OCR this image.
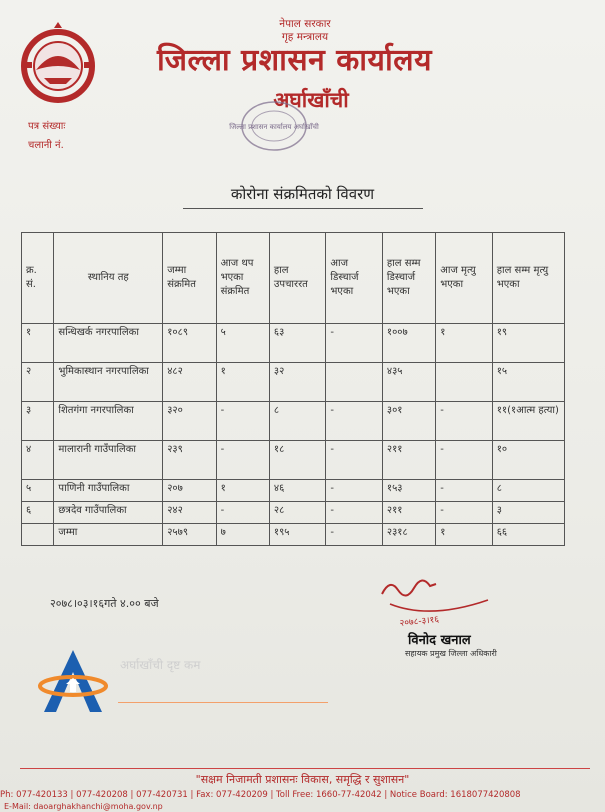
नेपाल सरकार
गृह मन्त्रालय
जिल्ला प्रशासन कार्यालय
अर्घाखाँची
जिल्ला प्रशासन कार्यालय अर्घाखाँची
पत्र संख्याः
चलानी नं.
कोरोना संक्रमितको विवरण
क्र. सं.	स्थानिय तह	जम्मा संक्रमित	आज थप भएका संक्रमित	हाल उपचाररत	आज डिस्चार्ज भएका	हाल सम्म डिस्चार्ज भएका	आज मृत्यु भएका	हाल सम्म मृत्यु भएका
१	सन्धिखर्क नगरपालिका	१०८९	५	६३	-	१००७	१	१९
२	भुमिकास्थान नगरपालिका	४८२	१	३२		४३५		१५
३	शितगंगा नगरपालिका	३२०	-	८	-	३०१	-	११(१आत्म हत्या)
४	मालारानी गाउँपालिका	२३९	-	१८	-	२११	-	१०
५	पाणिनी गाउँपालिका	२०७	१	४६	-	१५३	-	८
६	छत्रदेव गाउँपालिका	२४२	-	२८	-	२११	-	३
	जम्मा	२५७९	७	१९५	-	२३१८	१	६६
२०७८।०३।१६गते ४.०० बजे
२०७८-३।१६
विनोद खनाल
सहायक प्रमुख जिल्ला अधिकारी
अर्घाखाँची दृष्ट कम
"सक्षम निजामती प्रशासनः विकास, समृद्धि र सुशासन"
Ph: 077-420133 | 077-420208 | 077-420731 | Fax: 077-420209 | Toll Free: 1660-77-42042 | Notice Board: 1618077420808
E-Mail: daoarghakhanchi@moha.gov.np
